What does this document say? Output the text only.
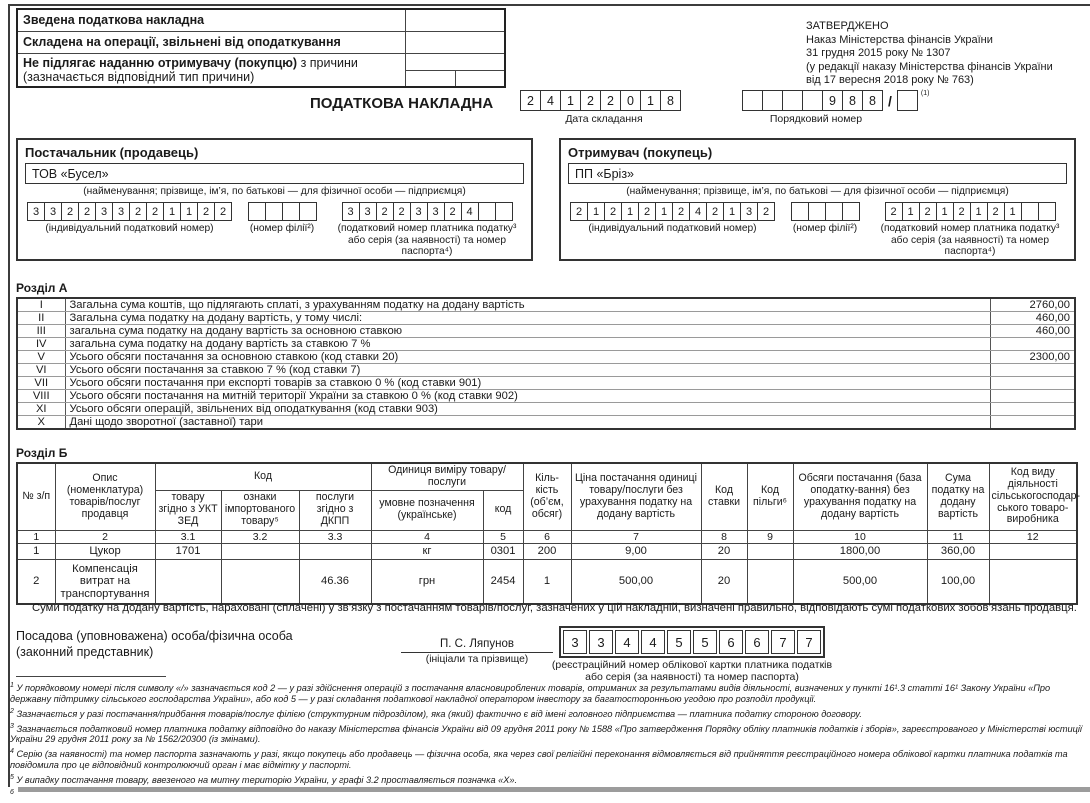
Зведена податкова накладна		
Складена на операції, звільнені від оподаткування		

Не підлягає наданню отримувачу (покупцю) з причини
(зазначається відповідний тип причини)		

ЗАТВЕРДЖЕНО
Наказ Міністерства фінансів України
31 грудня 2015 року № 1307
(у редакції наказу Міністерства фінансів України
від 17 вересня 2018 року № 763)
ПОДАТКОВА НАКЛАДНА	2	4	1	2	2	0	1	8
Дата складання
9	8	8 /	$^{(1)}$
Порядковий номер
Постачальник (продавець)
ТОВ «Бусел»
(найменування; прізвище, ім’я, по батькові — для фізичної особи — підприємця)
3 3 2 2 3 3 2 2 1 1 2 2
(індивідуальний податковий номер)	(номер філії²)
3 3 2 2 3 3 2 4
(податковий номер платника податку³ або серія (за наявності) та номер паспорта⁴)
Отримувач (покупець)
ПП «Бріз»
(найменування; прізвище, ім’я, по батькові — для фізичної особи — підприємця)
2 1 2 1 2 1 2 4 2 1 3 2
(індивідуальний податковий номер)	(номер філії²)
2 1 2 1 2 1 2 1
(податковий номер платника податку³ або серія (за наявності) та номер паспорта⁴)
Розділ А
I	Загальна сума коштів, що підлягають сплаті, з урахуванням податку на додану вартість	2760,00
II	Загальна сума податку на додану вартість, у тому числі:	460,00
III	загальна сума податку на додану вартість за основною ставкою	460,00
IV	загальна сума податку на додану вартість за ставкою 7 %	
V	Усього обсяги постачання за основною ставкою (код ставки 20)	2300,00
VI	Усього обсяги постачання за ставкою 7 % (код ставки 7)	
VII	Усього обсяги постачання при експорті товарів за ставкою 0 % (код ставки 901)	
VIII	Усього обсяги постачання на митній території України за ставкою 0 % (код ставки 902)	
XI	Усього обсяги операцій, звільнених від оподаткування (код ставки 903)	
X	Дані щодо зворотної (заставної) тари	
Розділ Б
№ з/п	Опис (номенклатура) товарів/послуг продавця	Код			Одиниця виміру товару/послуги		Кіль-кість (об’єм, обсяг)	Ціна постачання одиниці товару/послуги без урахування податку на додану вартість	Код ставки	Код пільги⁶	Обсяги постачання (база оподатку-вання) без урахування податку на додану вартість	Сума податку на додану вартість	Код виду діяльності сільськогосподар-ського товаро-виробника
		товару згідно з УКТ ЗЕД	ознаки імпортованого товару⁵	послуги згідно з ДКПП	умовне позначення (українське)	код							
1	2	3.1	3.2	3.3	4	5	6	7	8	9	10	11	12
1	Цукор	1701			кг	0301	200	9,00	20		1800,00	360,00	
2	Компенсація витрат на транспортування			46.36	грн	2454	1	500,00	20		500,00	100,00	
Суми податку на додану вартість, нараховані (сплачені) у зв’язку з постачанням товарів/послуг, зазначених у цій накладній, визначені правильно, відповідають сумі податкових зобов’язань продавця.
Посадова (уповноважена) особа/фізична особа
(законний представник)
П. С. Ляпунов
(ініціали та прізвище)
3	3	4	4	5	5	6	6	7	7
(реєстраційний номер облікової картки платника податків або серія (за наявності) та номер паспорта)
$^1$ У порядковому номері після символу «/» зазначається код 2 — у разі здійснення операцій з постачання власновироблених товарів, отриманих за результатами видів діяльності, визначених у пункті 16¹.3 статті 16¹ Закону України «Про державну підтримку сільського господарства України», або код 5 — у разі складання податкової накладної оператором інвестору за багатосторонньою угодою про розподіл продукції.
$^2$ Зазначається у разі постачання/придбання товарів/послуг філією (структурним підрозділом), яка (який) фактично є від імені головного підприємства — платника податку стороною договору.
$^3$ Зазначається податковий номер платника податку відповідно до наказу Міністерства фінансів України від 09 грудня 2011 року № 1588 «Про затвердження Порядку обліку платників податків і зборів», зареєстрованого у Міністерстві юстиції України 29 грудня 2011 року за № 1562/20300 (із змінами).
$^4$ Серію (за наявності) та номер паспорта зазначають у разі, якщо покупець або продавець — фізична особа, яка через свої релігійні переконання відмовляється від прийняття реєстраційного номера облікової картки платника податків та повідомила про це відповідний контролюючий орган і має відмітку у паспорті.
$^5$ У випадку постачання товару, ввезеного на митну територію України, у графі 3.2 проставляється позначка «Х».
$^6$
